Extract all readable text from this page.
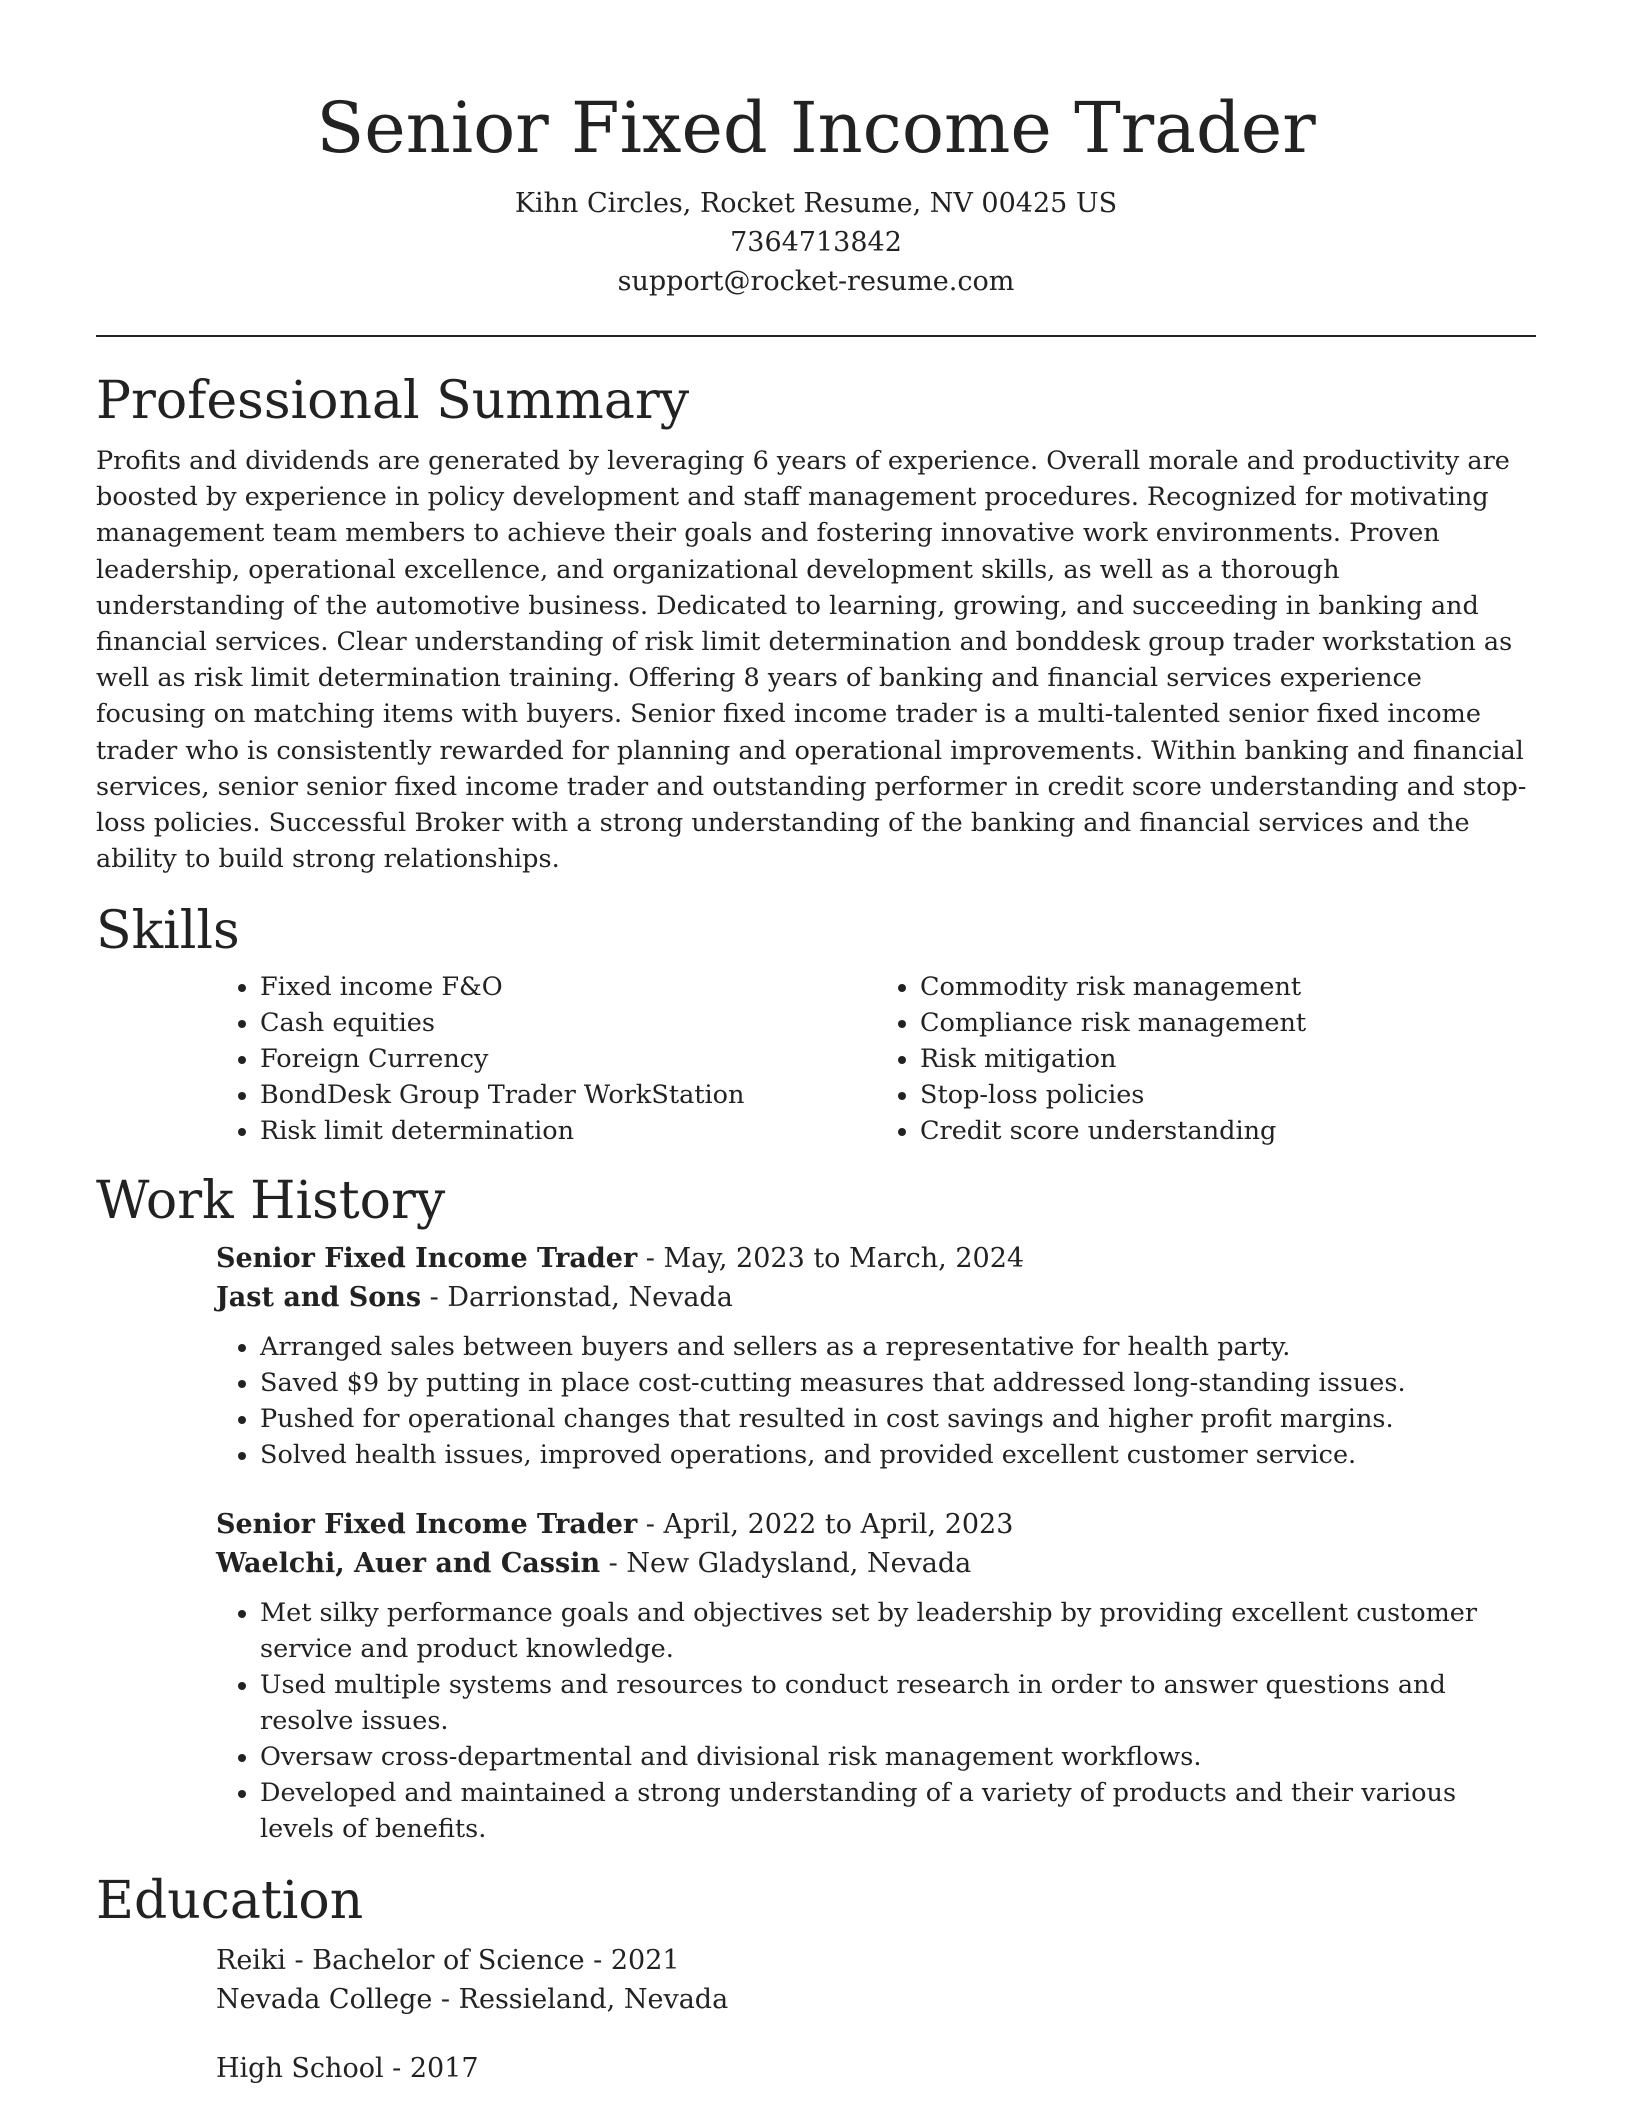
Senior Fixed Income Trader
Kihn Circles, Rocket Resume, NV 00425 US
7364713842
support@rocket-resume.com
Professional Summary

Profits and dividends are generated by leveraging 6 years of experience. Overall morale and productivity are boosted by experience in policy development and staff management procedures. Recognized for motivating management team members to achieve their goals and fostering innovative work environments. Proven leadership, operational excellence, and organizational development skills, as well as a thorough understanding of the automotive business. Dedicated to learning, growing, and succeeding in banking and financial services. Clear understanding of risk limit determination and bonddesk group trader workstation as well as risk limit determination training. Offering 8 years of banking and financial services experience focusing on matching items with buyers. Senior fixed income trader is a multi-talented senior fixed income trader who is consistently rewarded for planning and operational improvements. Within banking and financial services, senior senior fixed income trader and outstanding performer in credit score understanding and stop-loss policies. Successful Broker with a strong understanding of the banking and financial services and the ability to build strong relationships.

Skills
• Fixed income F&O
• Cash equities
• Foreign Currency
• BondDesk Group Trader WorkStation
• Risk limit determination
• Commodity risk management
• Compliance risk management
• Risk mitigation
• Stop-loss policies
• Credit score understanding
Work History
Senior Fixed Income Trader - May, 2023 to March, 2024
Jast and Sons - Darrionstad, Nevada
• Arranged sales between buyers and sellers as a representative for health party.
• Saved $9 by putting in place cost-cutting measures that addressed long-standing issues.
• Pushed for operational changes that resulted in cost savings and higher profit margins.
• Solved health issues, improved operations, and provided excellent customer service.
Senior Fixed Income Trader - April, 2022 to April, 2023
Waelchi, Auer and Cassin - New Gladysland, Nevada
• Met silky performance goals and objectives set by leadership by providing excellent customer service and product knowledge.
• Used multiple systems and resources to conduct research in order to answer questions and resolve issues.
• Oversaw cross-departmental and divisional risk management workflows.
• Developed and maintained a strong understanding of a variety of products and their various levels of benefits.
Education
Reiki - Bachelor of Science - 2021
Nevada College - Ressieland, Nevada
High School - 2017
